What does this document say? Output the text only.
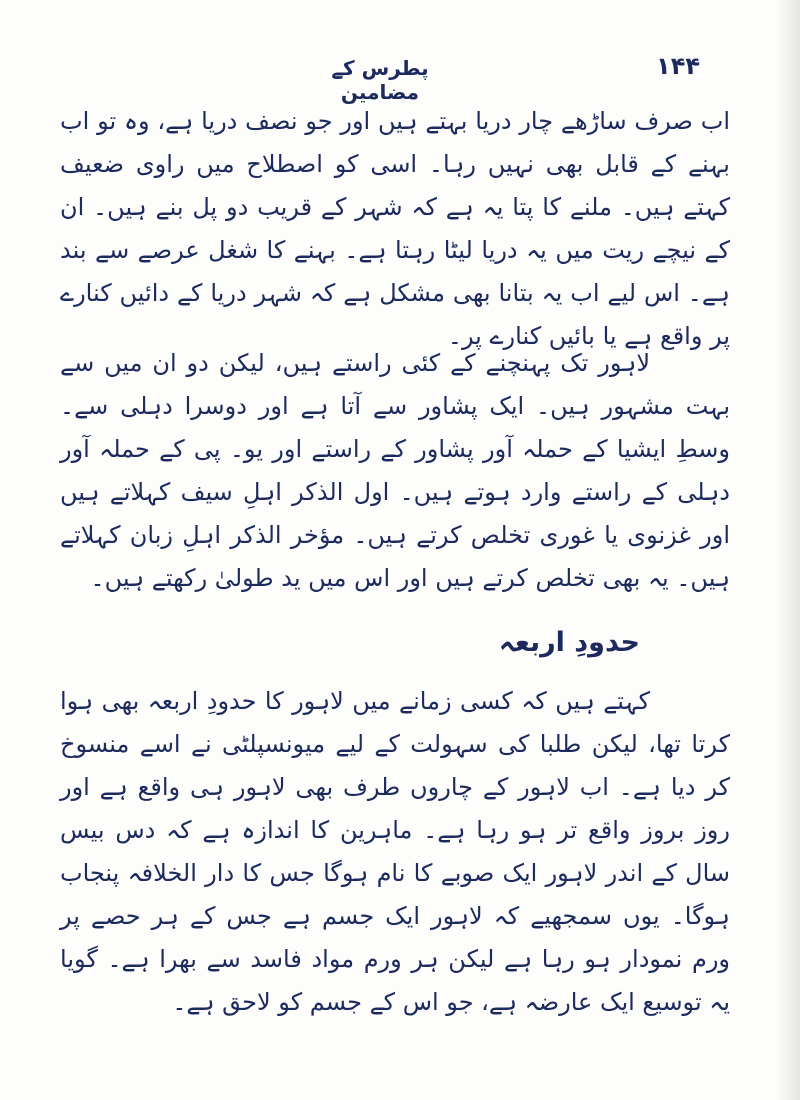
پطرس کے مضامین
۱۴۴

اب صرف ساڑھے چار دریا بہتے ہیں اور جو نصف دریا ہے، وہ تو اب بہنے کے قابل بھی نہیں رہا۔ اسی کو اصطلاح میں راوی ضعیف کہتے ہیں۔ ملنے کا پتا یہ ہے کہ شہر کے قریب دو پل بنے ہیں۔ ان کے نیچے ریت میں یہ دریا لیٹا رہتا ہے۔ بہنے کا شغل عرصے سے بند ہے۔ اس لیے اب یہ بتانا بھی مشکل ہے کہ شہر دریا کے دائیں کنارے پر واقع ہے یا بائیں کنارے پر۔

لاہور تک پہنچنے کے کئی راستے ہیں، لیکن دو ان میں سے بہت مشہور ہیں۔ ایک پشاور سے آتا ہے اور دوسرا دہلی سے۔ وسطِ ایشیا کے حملہ آور پشاور کے راستے اور یو۔ پی کے حملہ آور دہلی کے راستے وارد ہوتے ہیں۔ اول الذکر اہلِ سیف کہلاتے ہیں اور غزنوی یا غوری تخلص کرتے ہیں۔ مؤخر الذکر اہلِ زبان کہلاتے ہیں۔ یہ بھی تخلص کرتے ہیں اور اس میں ید طولیٰ رکھتے ہیں۔

حدودِ اربعہ

کہتے ہیں کہ کسی زمانے میں لاہور کا حدودِ اربعہ بھی ہوا کرتا تھا، لیکن طلبا کی سہولت کے لیے میونسپلٹی نے اسے منسوخ کر دیا ہے۔ اب لاہور کے چاروں طرف بھی لاہور ہی واقع ہے اور روز بروز واقع تر ہو رہا ہے۔ ماہرین کا اندازہ ہے کہ دس بیس سال کے اندر لاہور ایک صوبے کا نام ہوگا جس کا دار الخلافہ پنجاب ہوگا۔ یوں سمجھیے کہ لاہور ایک جسم ہے جس کے ہر حصے پر ورم نمودار ہو رہا ہے لیکن ہر ورم مواد فاسد سے بھرا ہے۔ گویا یہ توسیع ایک عارضہ ہے، جو اس کے جسم کو لاحق ہے۔
